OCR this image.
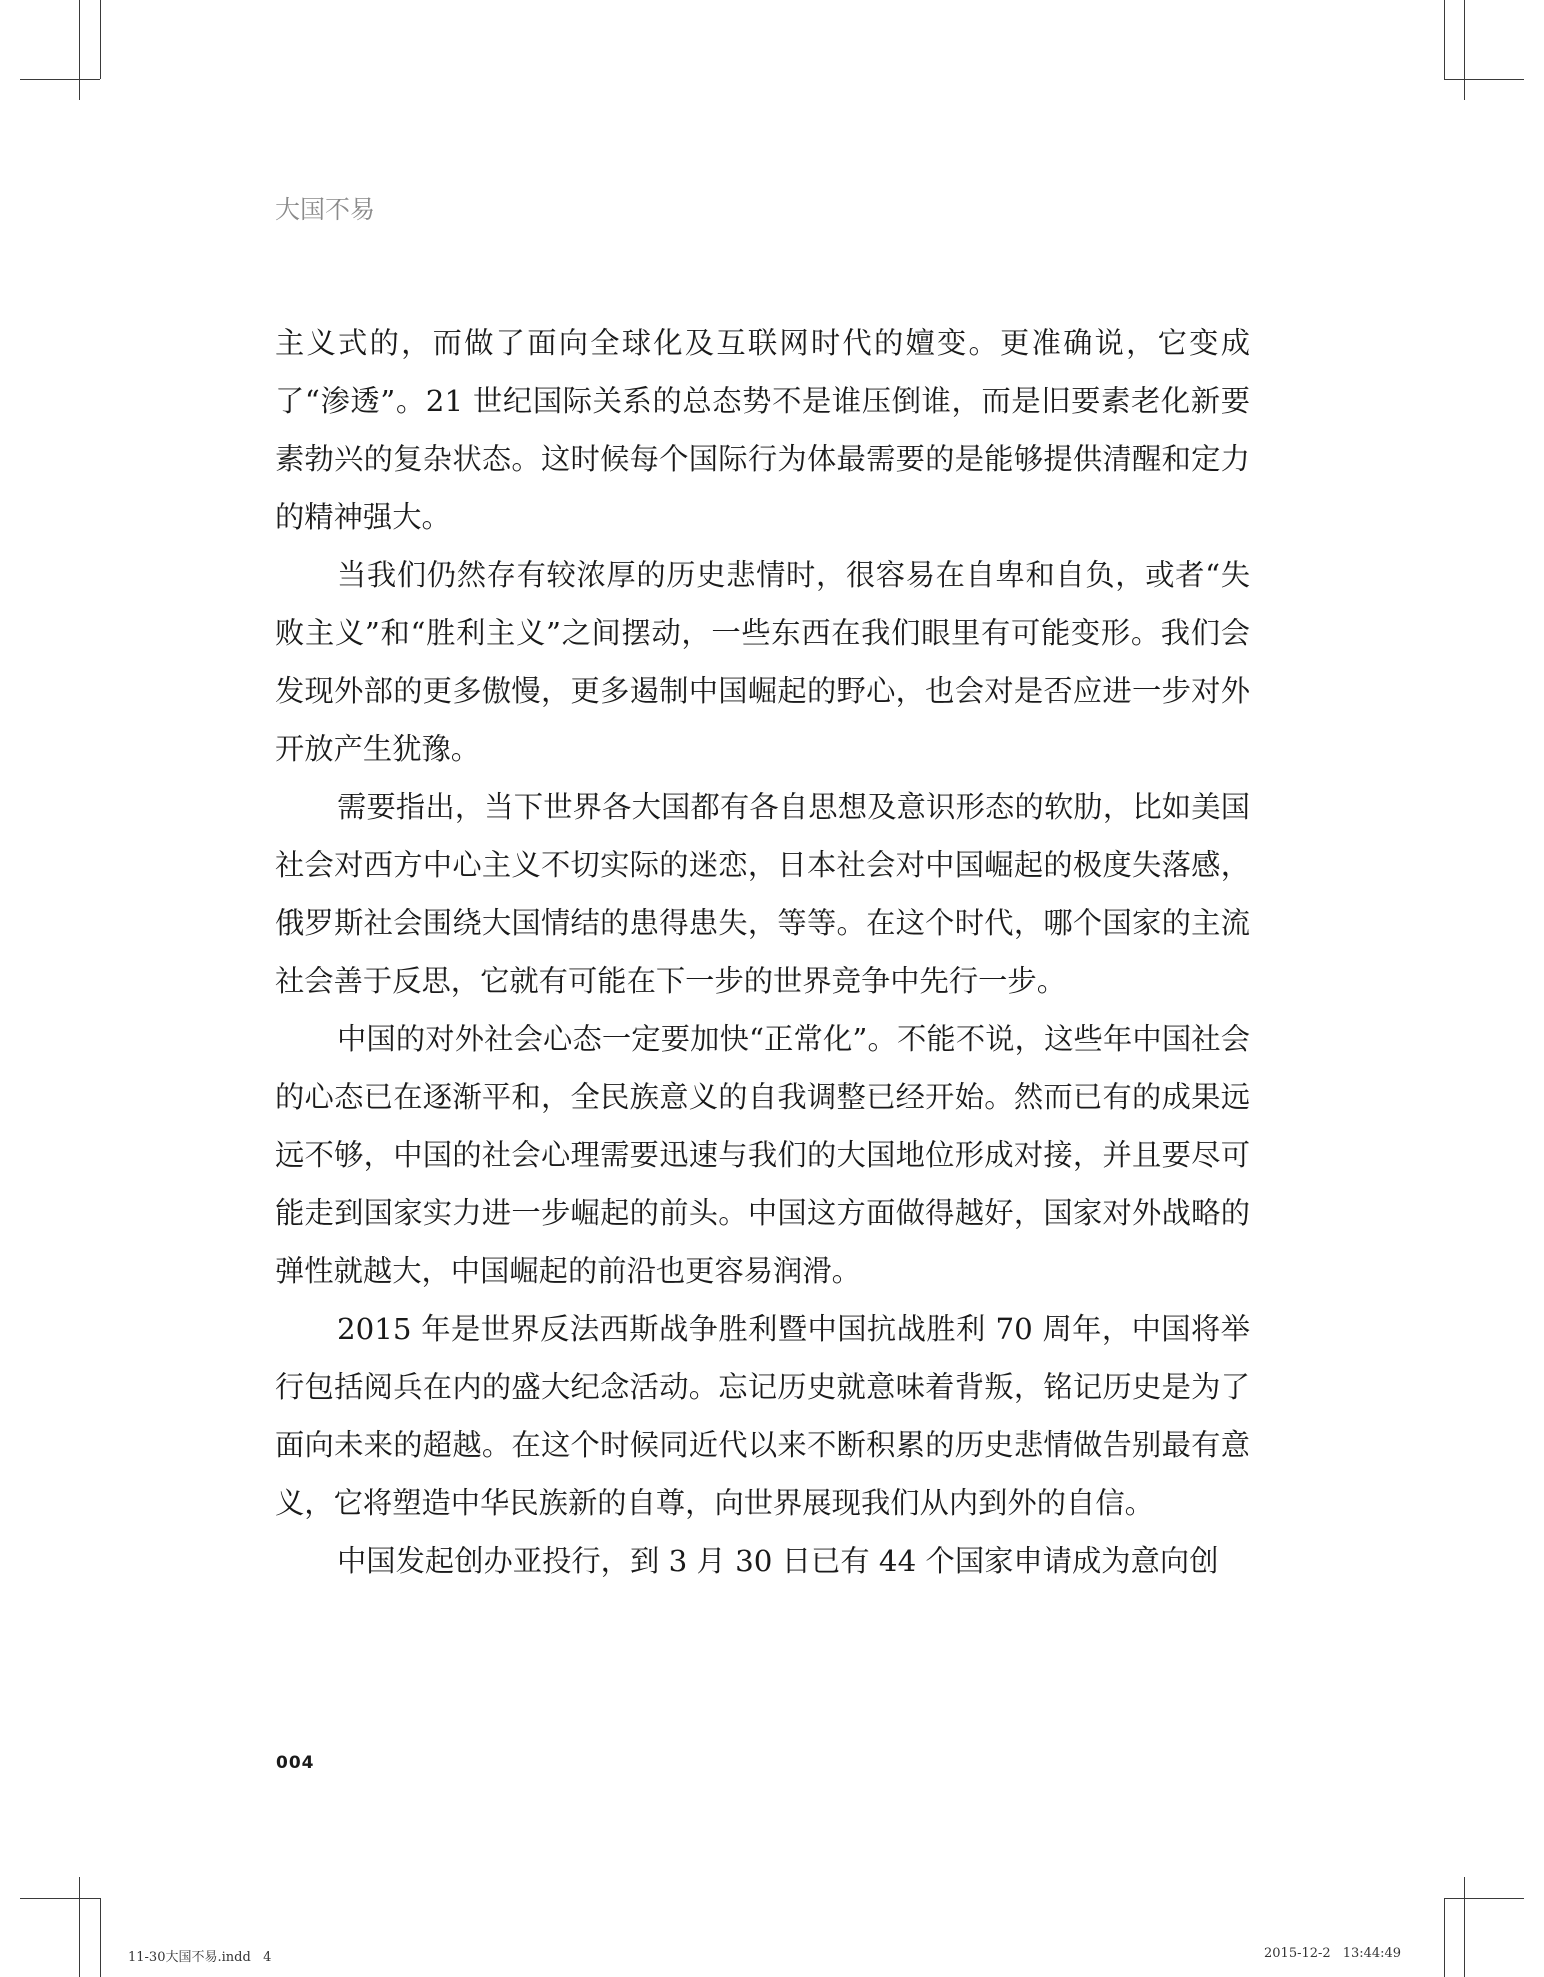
大国不易

主义式的，而做了面向全球化及互联网时代的嬗变。更准确说，它变成了“渗透”。21 世纪国际关系的总态势不是谁压倒谁，而是旧要素老化新要素勃兴的复杂状态。这时候每个国际行为体最需要的是能够提供清醒和定力的精神强大。

当我们仍然存有较浓厚的历史悲情时，很容易在自卑和自负，或者“失败主义”和“胜利主义”之间摆动，一些东西在我们眼里有可能变形。我们会发现外部的更多傲慢，更多遏制中国崛起的野心，也会对是否应进一步对外开放产生犹豫。

需要指出，当下世界各大国都有各自思想及意识形态的软肋，比如美国社会对西方中心主义不切实际的迷恋，日本社会对中国崛起的极度失落感，俄罗斯社会围绕大国情结的患得患失，等等。在这个时代，哪个国家的主流社会善于反思，它就有可能在下一步的世界竞争中先行一步。

中国的对外社会心态一定要加快“正常化”。不能不说，这些年中国社会的心态已在逐渐平和，全民族意义的自我调整已经开始。然而已有的成果远远不够，中国的社会心理需要迅速与我们的大国地位形成对接，并且要尽可能走到国家实力进一步崛起的前头。中国这方面做得越好，国家对外战略的弹性就越大，中国崛起的前沿也更容易润滑。

2015 年是世界反法西斯战争胜利暨中国抗战胜利 70 周年，中国将举行包括阅兵在内的盛大纪念活动。忘记历史就意味着背叛，铭记历史是为了面向未来的超越。在这个时候同近代以来不断积累的历史悲情做告别最有意义，它将塑造中华民族新的自尊，向世界展现我们从内到外的自信。

中国发起创办亚投行，到 3 月 30 日已有 44 个国家申请成为意向创

004
11-30大国不易.indd   4	2015-12-2 13:44:49
